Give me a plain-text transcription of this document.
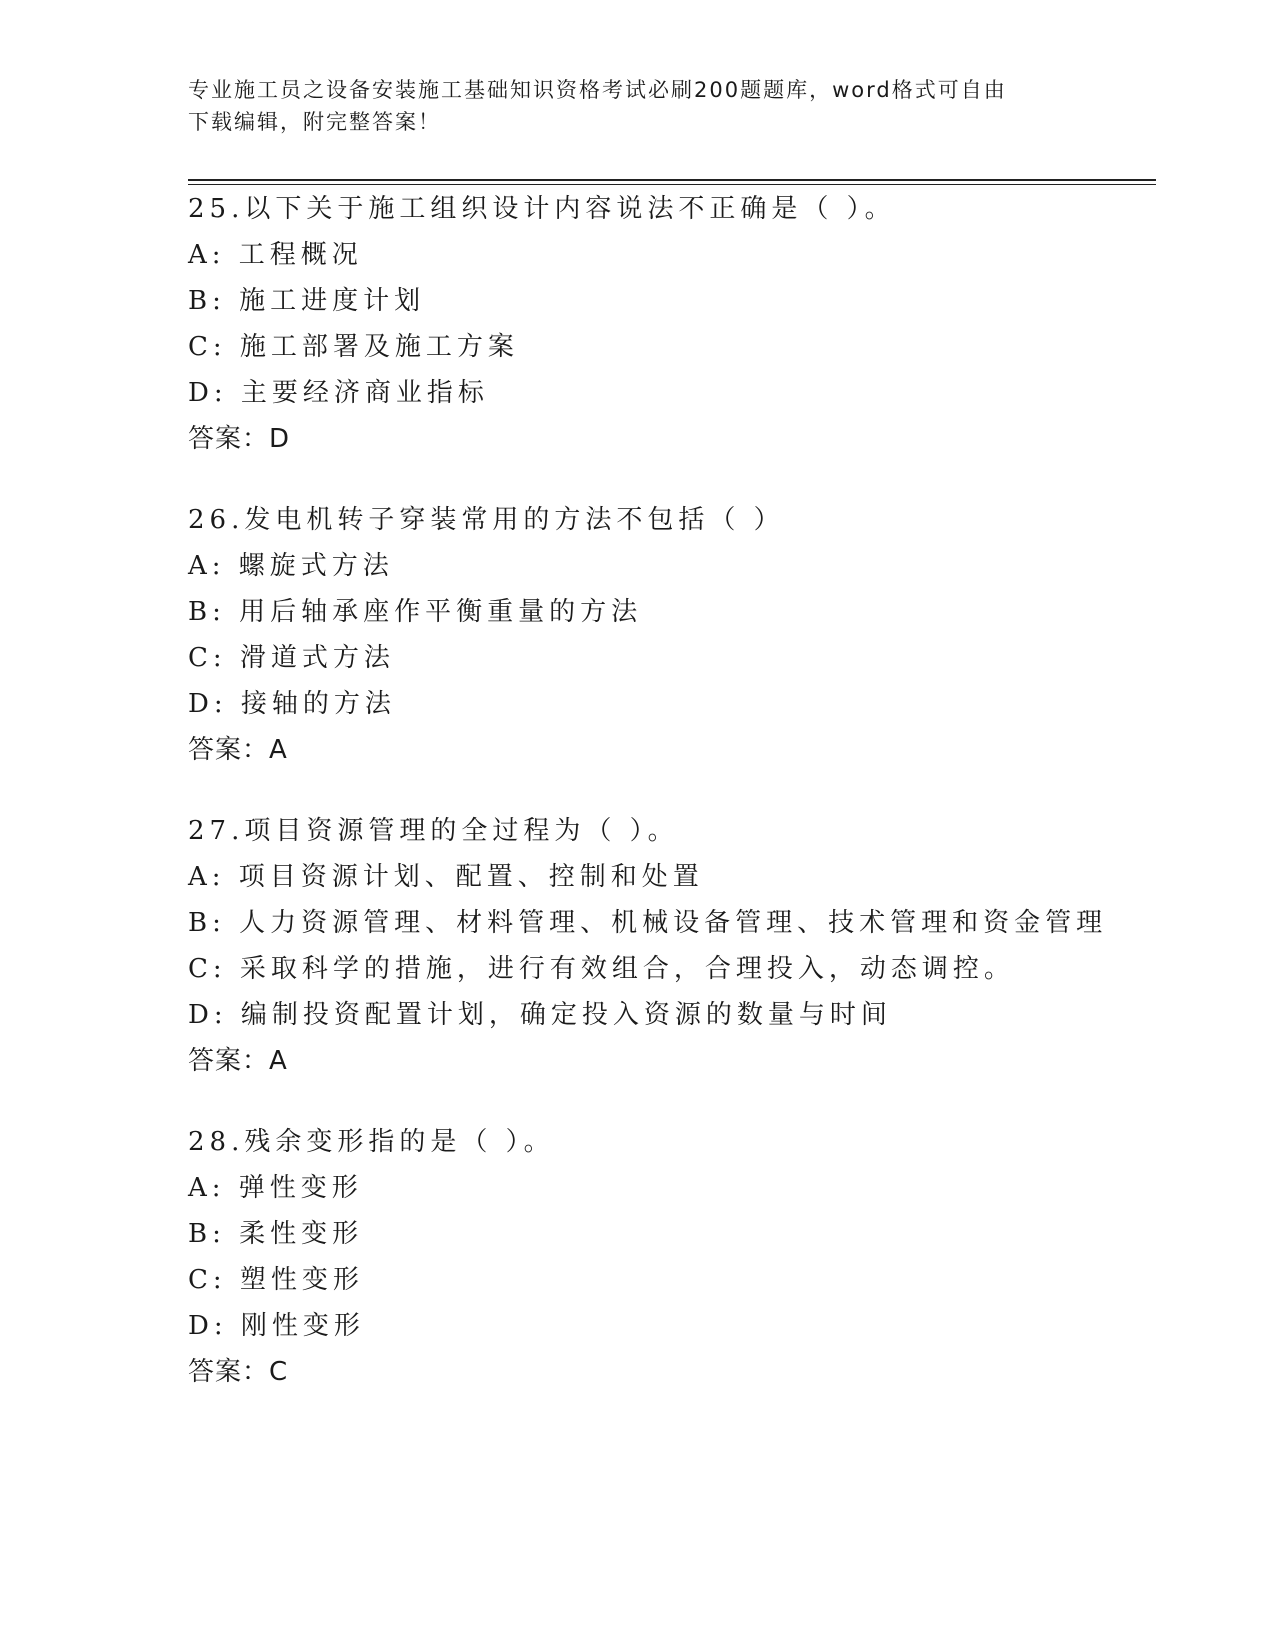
专业施工员之设备安装施工基础知识资格考试必刷200题题库，word格式可自由
下载编辑，附完整答案！
25.以下关于施工组织设计内容说法不正确是（ ）。
A: 工程概况
B: 施工进度计划
C: 施工部署及施工方案
D: 主要经济商业指标
答案：D
26.发电机转子穿装常用的方法不包括（ ）
A: 螺旋式方法
B: 用后轴承座作平衡重量的方法
C: 滑道式方法
D: 接轴的方法
答案：A
27.项目资源管理的全过程为（ ）。
A: 项目资源计划、配置、控制和处置
B: 人力资源管理、材料管理、机械设备管理、技术管理和资金管理
C: 采取科学的措施，进行有效组合，合理投入，动态调控。
D: 编制投资配置计划，确定投入资源的数量与时间
答案：A
28.残余变形指的是（ ）。
A: 弹性变形
B: 柔性变形
C: 塑性变形
D: 刚性变形
答案：C
